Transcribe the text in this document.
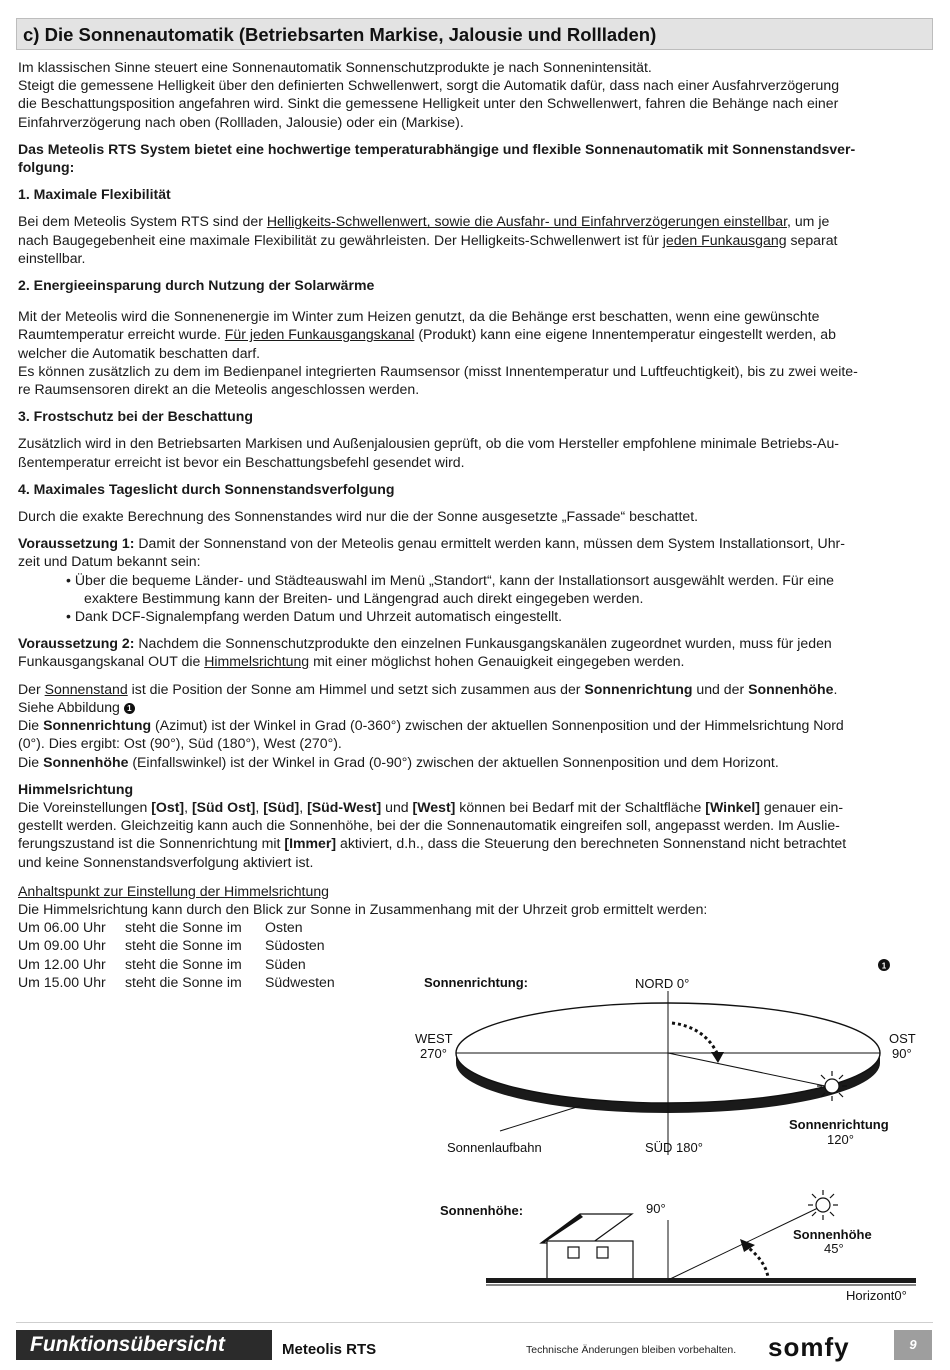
c) Die Sonnenautomatik (Betriebsarten Markise, Jalousie und Rollladen)

Im klassischen Sinne steuert eine Sonnenautomatik Sonnenschutzprodukte je nach Sonnenintensität.

Steigt die gemessene Helligkeit über den definierten Schwellenwert, sorgt die Automatik dafür, dass nach einer Ausfahrverzögerung

die Beschattungsposition angefahren wird. Sinkt die gemessene Helligkeit unter den Schwellenwert, fahren die Behänge nach einer

Einfahrverzögerung nach oben (Rollladen, Jalousie) oder ein (Markise).

Das Meteolis RTS System bietet eine hochwertige temperaturabhängige und flexible Sonnenautomatik mit Sonnenstandsver-

folgung:

1. Maximale Flexibilität

Bei dem Meteolis System RTS sind der Helligkeits-Schwellenwert, sowie die Ausfahr- und Einfahrverzögerungen einstellbar, um je

nach Baugegebenheit eine maximale Flexibilität zu gewährleisten. Der Helligkeits-Schwellenwert ist für jeden Funkausgang separat

einstellbar.

2. Energieeinsparung durch Nutzung der Solarwärme

Mit der Meteolis wird die Sonnenenergie im Winter zum Heizen genutzt, da die Behänge erst beschatten, wenn eine gewünschte

Raumtemperatur erreicht wurde. Für jeden Funkausgangskanal (Produkt) kann eine eigene Innentemperatur eingestellt werden, ab

welcher die Automatik beschatten darf.

Es können zusätzlich zu dem im Bedienpanel integrierten Raumsensor (misst Innentemperatur und Luftfeuchtigkeit), bis zu zwei weite-

re Raumsensoren direkt an die Meteolis angeschlossen werden.

3. Frostschutz bei der Beschattung

Zusätzlich wird in den Betriebsarten Markisen und Außenjalousien geprüft, ob die vom Hersteller empfohlene minimale Betriebs-Au-

ßentemperatur erreicht ist bevor ein Beschattungsbefehl gesendet wird.

4. Maximales Tageslicht durch Sonnenstandsverfolgung

Durch die exakte Berechnung des Sonnenstandes wird nur die der Sonne ausgesetzte „Fassade“ beschattet.

Voraussetzung 1: Damit der Sonnenstand von der Meteolis genau ermittelt werden kann, müssen dem System Installationsort, Uhr-

zeit und Datum bekannt sein:

• Über die bequeme Länder- und Städteauswahl im Menü „Standort“, kann der Installationsort ausgewählt werden. Für eine

exaktere Bestimmung kann der Breiten- und Längengrad auch direkt eingegeben werden.

• Dank DCF-Signalempfang werden Datum und Uhrzeit automatisch eingestellt.

Voraussetzung 2: Nachdem die Sonnenschutzprodukte den einzelnen Funkausgangskanälen zugeordnet wurden, muss für jeden

Funkausgangskanal OUT die Himmelsrichtung mit einer möglichst hohen Genauigkeit eingegeben werden.

Der Sonnenstand ist die Position der Sonne am Himmel und setzt sich zusammen aus der Sonnenrichtung und der Sonnenhöhe.

Siehe Abbildung 1

Die Sonnenrichtung (Azimut) ist der Winkel in Grad (0-360°) zwischen der aktuellen Sonnenposition und der Himmelsrichtung Nord

(0°). Dies ergibt: Ost (90°), Süd (180°), West (270°).

Die Sonnenhöhe (Einfallswinkel) ist der Winkel in Grad (0-90°) zwischen der aktuellen Sonnenposition und dem Horizont.

Himmelsrichtung

Die Voreinstellungen [Ost], [Süd Ost], [Süd], [Süd-West] und [West] können bei Bedarf mit der Schaltfläche [Winkel] genauer ein-

gestellt werden. Gleichzeitig kann auch die Sonnenhöhe, bei der die Sonnenautomatik eingreifen soll, angepasst werden. Im Auslie-

ferungszustand ist die Sonnenrichtung mit [Immer] aktiviert, d.h., dass die Steuerung den berechneten Sonnenstand nicht betrachtet

und keine Sonnenstandsverfolgung aktiviert ist.

Anhaltspunkt zur Einstellung der Himmelsrichtung

Die Himmelsrichtung kann durch den Blick zur Sonne in Zusammenhang mit der Uhrzeit grob ermittelt werden:

Um 06.00 Uhr	steht die Sonne im	Osten
Um 09.00 Uhr	steht die Sonne im	Südosten
Um 12.00 Uhr	steht die Sonne im	Süden
Um 15.00 Uhr	steht die Sonne im	Südwesten
1
Sonnenrichtung:	NORD 0°
WEST
270°
OST
90°
Sonnenrichtung
120°
Sonnenlaufbahn	SÜD 180°
Sonnenhöhe:	90°
Sonnenhöhe
45°
Horizont0°
Funktionsübersicht	Meteolis RTS	Technische Änderungen bleiben vorbehalten. somfy	9
